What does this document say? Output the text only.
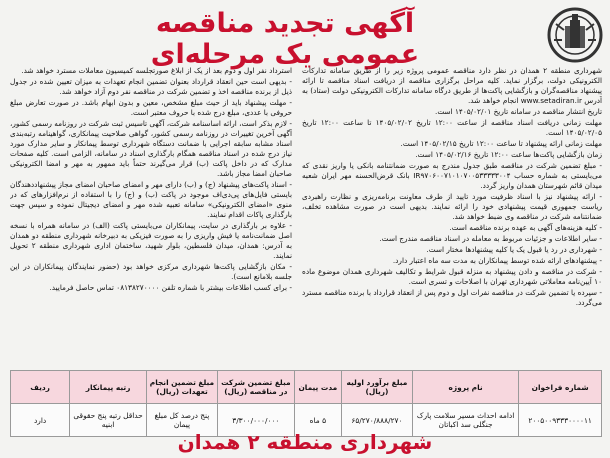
آگهی تجدید مناقصه عمومی یک مرحله‌ای

شهرداری منطقه ۲ همدان در نظر دارد مناقصه عمومی پروژه زیر را از طریق سامانه تدارکات الکترونیکی دولت، برگزار نماید. کلیه مراحل برگزاری مناقصه از دریافت اسناد مناقصه تا ارائه پیشنهاد مناقصه‌گران و بازگشایی پاکت‌ها از طریق درگاه سامانه تدارکات الکترونیکی دولت (ستاد) به آدرس www.setadiran.ir انجام خواهد شد.

تاریخ انتشار مناقصه در سامانه تاریخ ۱۴۰۵/۰۲/۰۱ است.

مهلت زمانی دریافت اسناد مناقصه از ساعت ۱۲:۰۰ تاریخ ۱۴۰۵/۰۲/۰۲ تا ساعت ۱۲:۰۰ تاریخ ۱۴۰۵/۰۲/۰۵ است.

مهلت زمانی ارائه پیشنهاد تا ساعت ۱۲:۰۰ تاریخ ۱۴۰۵/۰۲/۱۵ است.

زمان بازگشایی پاکت‌ها ساعت ۱۲:۰۰ تاریخ ۱۴۰۵/۰۲/۱۶ است.

- مبلغ تضمین شرکت در مناقصه طبق جدول مندرج به صورت ضمانتنامه بانکی یا واریز نقدی که می‌بایستی به شماره حساب IR۹۷۰۶۰۰۷۱۰۱۰۷۰۰۵۳۳۳۳۳۰۰۴ بانک قرض‌الحسنه مهر ایران شعبه میدان قائم شهرستان همدان واریز گردد.

- ارائه پیشنهاد نیز با اسناد ظرفیت مورد تایید از طرف معاونت برنامه‌ریزی و نظارت راهبردی ریاست جمهوری قیمت پیشنهادی خود را ارائه نمایند. بدیهی است در صورت مشاهده تخلف، ضمانتنامه شرکت در مناقصه وی ضبط خواهد شد.

- کلیه هزینه‌های آگهی به عهده برنده مناقصه است.

- سایر اطلاعات و جزئیات مربوط به معامله در اسناد مناقصه مندرج است.

- شهرداری در رد یا قبول یک یا کلیه پیشنهادها مختار است.

- پیشنهادهای ارائه شده توسط پیمانکاران به مدت سه ماه اعتبار دارد.

- شرکت در مناقصه و دادن پیشنهاد به منزله قبول شرایط و تکالیف شهرداری همدان موضوع ماده ۱۰ آیین‌نامه معاملاتی شهرداری تهران با اصلاحات و تسری است.

- سپرده یا تضمین شرکت در مناقصه نفرات اول و دوم پس از انعقاد قرارداد با برنده مناقصه مسترد می‌گردد.

استرداد نفر اول و دوم بعد از یک از ابلاغ صورتجلسه کمیسیون معاملات مسترد خواهد شد.

- بدیهی است حین انعقاد قرارداد بعنوان تضمین انجام تعهدات به میزان تعیین شده در جدول ذیل از برنده مناقصه اخذ و تضمین شرکت در مناقصه نفر دوم آزاد خواهد شد.

- مهلت پیشنهاد باید از حیث مبلغ مشخص، معین و بدون ابهام باشد. در صورت تعارض مبلغ حروفی با عددی، مبلغ درج شده با حروف معتبر است.

- لازم بذکر است، ارائه اساسنامه شرکت، آگهی تاسیس ثبت شرکت در روزنامه رسمی کشور، آگهی آخرین تغییرات در روزنامه رسمی کشور، گواهی صلاحیت پیمانکاری، گواهینامه رتبه‌بندی اسناد مشابه سابقه اجرایی با ضمانت دستگاه شهرداری توسط پیمانکار و سایر مدارک مورد نیاز درج شده در اسناد مناقصه همگام بارگذاری اسناد در سامانه، الزامی است. کلیه صفحات مدارک که در داخل پاکت (ب) قرار می‌گیرند حتماً باید ممهور به مهر و امضا الکترونیکی صاحبان امضا مجاز باشد.

- اسناد پاکت‌های پیشنهاد (ج) و (ب) دارای مهر و امضای صاحبان امضای مجاز پیشنهاددهندگان بایستی فایل‌های پی‌دی‌اف موجود در پاکت (ب) و (ج) را با استفاده از نرم‌افزارهای که در منوی «امضای الکترونیکی» سامانه تعبیه شده مهر و امضای دیجیتال نموده و سپس جهت بارگذاری پاکات اقدام نمایند.

- علاوه بر بارگذاری در سایت، پیمانکاران می‌بایستی پاکت (الف) در سامانه همراه با نسخه اصل ضمانت‌نامه یا فیش واریزی را به صورت فیزیکی به دبیرخانه شهرداری منطقه دو همدان به آدرس: همدان، میدان فلسطین، بلوار شهید، ساختمان اداری شهرداری منطقه ۲ تحویل نمایند.

- مکان بازگشایی پاکت‌ها شهرداری مرکزی خواهد بود (حضور نمایندگان پیمانکاران در این جلسه بلامانع است).

- برای کسب اطلاعات بیشتر با شماره تلفن ۰۸۱۳۸۲۷۰۰۰۰ تماس حاصل فرمایید.

شماره فراخوان	نام پروژه	مبلغ برآورد اولیه (ریال)	مدت پیمان	مبلغ تضمین شرکت در مناقصه (ریال)	مبلغ تضمین انجام تعهدات (ریال)	رتبه پیمانکار	ردیف
۲۰۰۵۰۰۹۳۳۳۰۰۰۰۱۱	ادامه احداث مسیر سلامت پارک جنگلی سد اکباتان	۶۵/۲۷۰/۸۸۸/۲۷۰	۵ ماه	۳/۳۰۰/۰۰۰/۰۰۰	پنج درصد کل مبلغ پیمان	حداقل رتبه پنج حقوقی ابنیه	دارد
شهرداری منطقه ۲ همدان
